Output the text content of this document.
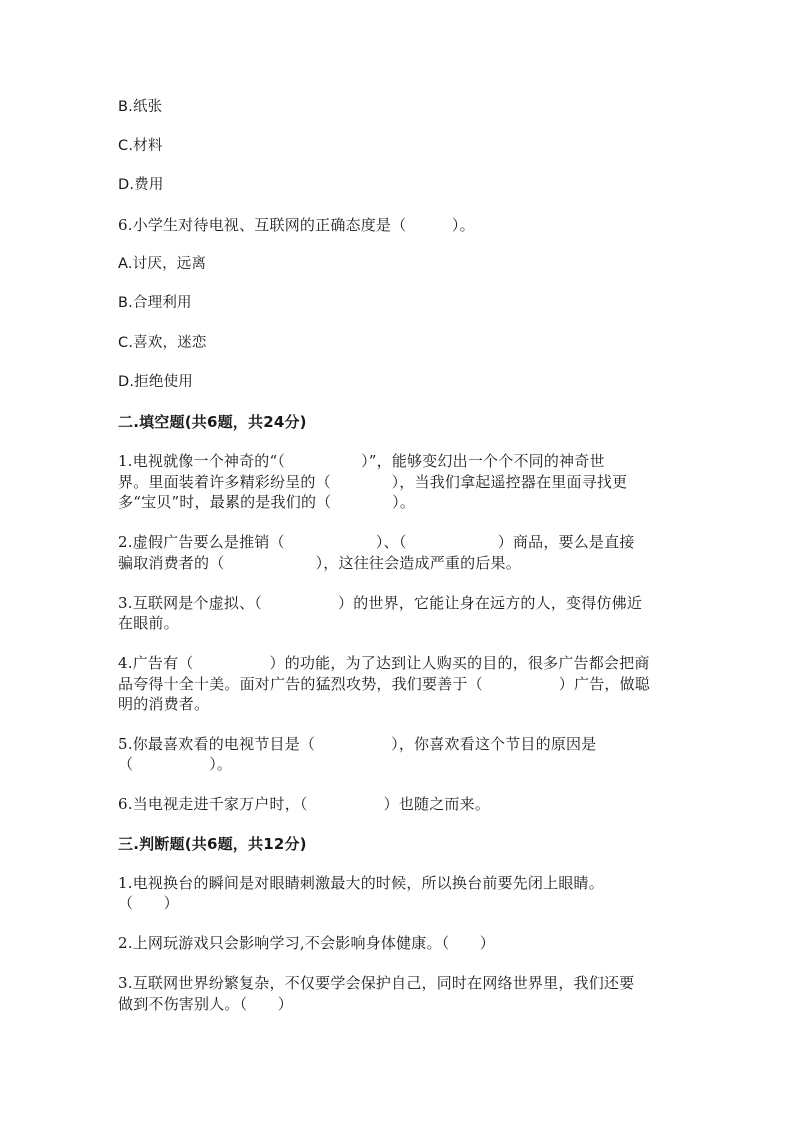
B.纸张
C.材料
D.费用
6.小学生对待电视、互联网的正确态度是（　　　）。
A.讨厌，远离
B.合理利用
C.喜欢，迷恋
D.拒绝使用
二.填空题(共6题，共24分)
1.电视就像一个神奇的“（　　　　　）”，能够变幻出一个个不同的神奇世
界。里面装着许多精彩纷呈的（　　　　），当我们拿起遥控器在里面寻找更
多“宝贝”时，最累的是我们的（　　　　）。
2.虚假广告要么是推销（　　　　　　）、（　　　　　　）商品，要么是直接
骗取消费者的（　　　　　　），这往往会造成严重的后果。
3.互联网是个虚拟、（　　　　　）的世界，它能让身在远方的人，变得仿佛近
在眼前。
4.广告有（　　　　　）的功能，为了达到让人购买的目的，很多广告都会把商
品夸得十全十美。面对广告的猛烈攻势，我们要善于（　　　　　）广告，做聪
明的消费者。
5.你最喜欢看的电视节目是（　　　　　），你喜欢看这个节目的原因是
（　　　　　）。
6.当电视走进千家万户时，（　　　　　）也随之而来。
三.判断题(共6题，共12分)
1.电视换台的瞬间是对眼睛刺激最大的时候，所以换台前要先闭上眼睛。
（　　）
2.上网玩游戏只会影响学习,不会影响身体健康。（　　）
3.互联网世界纷繁复杂，不仅要学会保护自己，同时在网络世界里，我们还要
做到不伤害别人。（　　）
